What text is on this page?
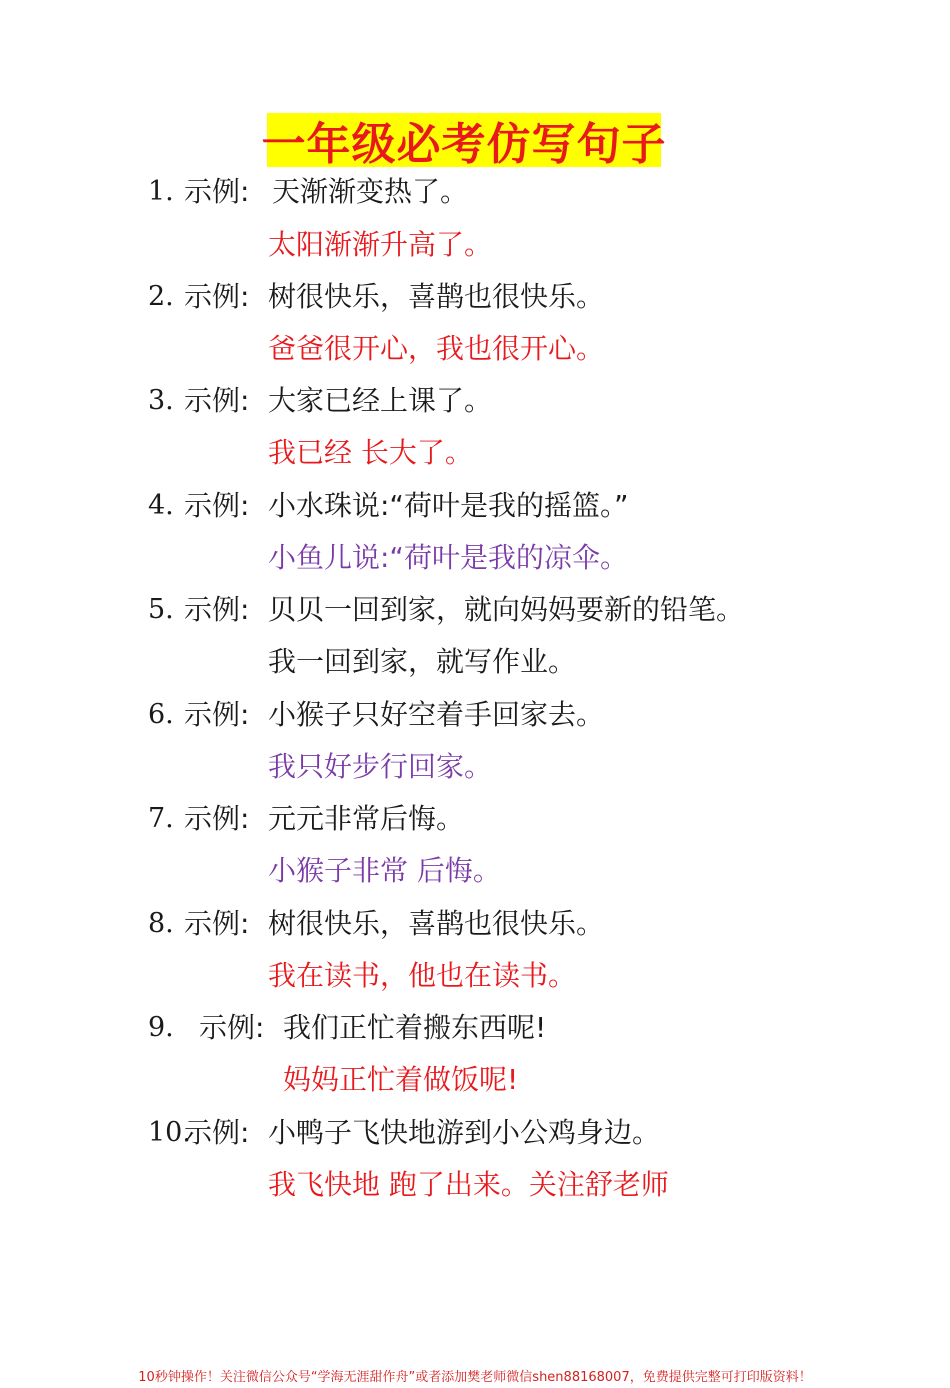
一年级必考仿写句子
1. 示例: 天渐渐变热了。
太阳渐渐升高了。
2. 示例: 树很快乐，喜鹊也很快乐。
爸爸很开心，我也很开心。
3. 示例: 大家已经上课了。
我已经 长大了。
4. 示例: 小水珠说:“荷叶是我的摇篮。”
小鱼儿说:“荷叶是我的凉伞。
5. 示例: 贝贝一回到家，就向妈妈要新的铅笔。
我一回到家，就写作业。
6. 示例: 小猴子只好空着手回家去。
我只好步行回家。
7. 示例: 元元非常后悔。
小猴子非常 后悔。
8. 示例: 树很快乐，喜鹊也很快乐。
我在读书，他也在读书。
9. 示例: 我们正忙着搬东西呢!
妈妈正忙着做饭呢!
10.
示例: 小鸭子飞快地游到小公鸡身边。
我飞快地 跑了出来。关注舒老师
10秒钟操作！关注微信公众号“学海无涯甜作舟”或者添加樊老师微信shen88168007，免费提供完整可打印版资料！
